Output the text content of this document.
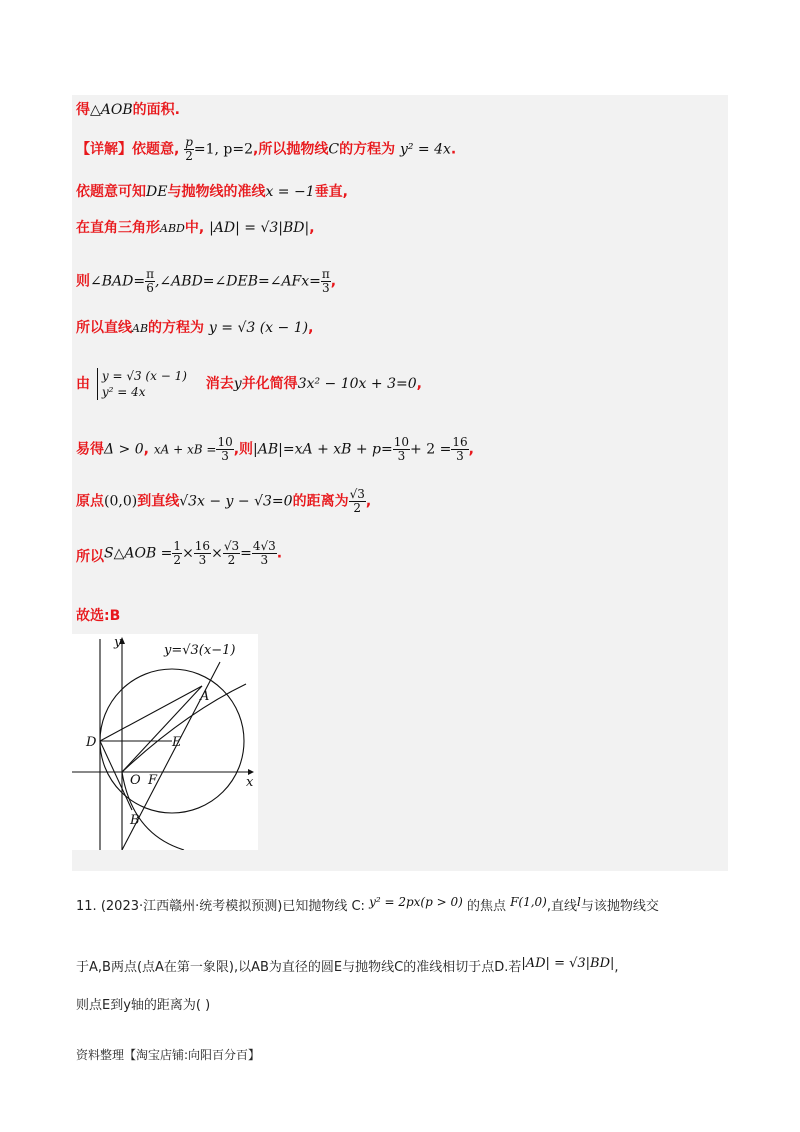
得△AOB的面积.
【详解】依题意, $\frac{p}{2} =1$, p=2,所以抛物线C的方程为 y² = 4x.
依题意可知DE与抛物线的准线x = −1垂直,
在直角三角形ABD中, |AD| = √3|BD|,
则∠BAD= $\frac{\pi}{6}$ ,∠ABD=∠DEB=∠AFx= $\frac{\pi}{3}$ ,
所以直线AB的方程为 y = √3 (x − 1),
由 y = √3 (x − 1)
y² = 4x	消去y并化简得3x² − 10x + 3=0,
易得Δ > 0, xA + xB = $\frac{10}{3}$ ,则|AB|=xA + xB + $p= \frac{10}{3} + 2 = \frac{16}{3}$ ,
原点(0,0)到直线√3x − y − √3=0的距离为 $\frac{√3}{2}$ ,
所以S△AOB = $\frac{1}{2} \times \frac{16}{3} \times \frac{√3}{2} = \frac{4√3}{3}$ .
故选:B
y=√3(x−1)
y
x
A
D	E
O F
B
11. (2023·江西赣州·统考模拟预测)已知抛物线 C: y² = 2px(p > 0) 的焦点 F(1,0),直线l与该抛物线交
于A,B两点(点A在第一象限),以AB为直径的圆E与抛物线C的准线相切于点D.若|AD| = √3|BD|,
则点E到y轴的距离为( )
资料整理【淘宝店铺:向阳百分百】
